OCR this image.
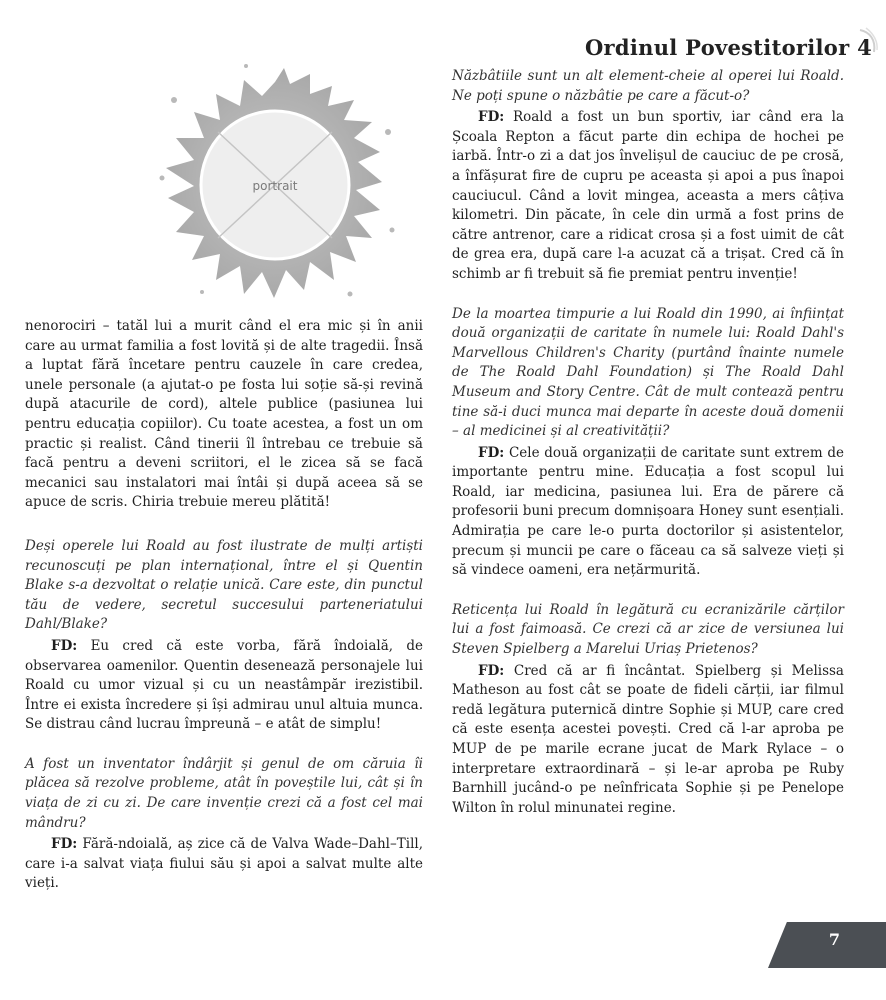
Ordinul Povestitorilor 4
portrait

nenorociri – tatăl lui a murit când el era mic și în anii care au urmat familia a fost lovită și de alte tragedii. Însă a luptat fără încetare pentru cauzele în care credea, unele personale (a ajutat-o pe fosta lui soție să-și revină după atacurile de cord), altele publice (pasiunea lui pentru educația copiilor). Cu toate acestea, a fost un om practic și realist. Când tinerii îl întrebau ce trebuie să facă pentru a deveni scriitori, el le zicea să se facă mecanici sau instalatori mai întâi și după aceea să se apuce de scris. Chiria trebuie mereu plătită!

Deși operele lui Roald au fost ilustrate de mulți artiști recunoscuți pe plan internațional, între el și Quentin Blake s-a dezvoltat o relație unică. Care este, din punctul tău de vedere, secretul succesului parteneriatului Dahl/Blake?

FD: Eu cred că este vorba, fără îndoială, de observarea oamenilor. Quentin desenează personajele lui Roald cu umor vizual și cu un neastâmpăr irezistibil. Între ei exista încredere și își admirau unul altuia munca. Se distrau când lucrau împreună – e atât de simplu!

A fost un inventator îndârjit și genul de om căruia îi plăcea să rezolve probleme, atât în poveștile lui, cât și în viața de zi cu zi. De care invenție crezi că a fost cel mai mândru?

FD: Fără-ndoială, aș zice că de Valva Wade–Dahl–Till, care i-a salvat viața fiului său și apoi a salvat multe alte vieți.

Năzbâtiile sunt un alt element-cheie al operei lui Roald. Ne poți spune o năzbâtie pe care a făcut-o?

FD: Roald a fost un bun sportiv, iar când era la Școala Repton a făcut parte din echipa de hochei pe iarbă. Într-o zi a dat jos învelișul de cauciuc de pe crosă, a înfășurat fire de cupru pe aceasta și apoi a pus înapoi cauciucul. Când a lovit mingea, aceasta a mers câțiva kilometri. Din păcate, în cele din urmă a fost prins de către antrenor, care a ridicat crosa și a fost uimit de cât de grea era, după care l-a acuzat că a trișat. Cred că în schimb ar fi trebuit să fie premiat pentru invenție!

De la moartea timpurie a lui Roald din 1990, ai înființat două organizații de caritate în numele lui: Roald Dahl's Marvellous Children's Charity (purtând înainte numele de The Roald Dahl Foundation) și The Roald Dahl Museum and Story Centre. Cât de mult contează pentru tine să-i duci munca mai departe în aceste două domenii – al medicinei și al creativității?

FD: Cele două organizații de caritate sunt extrem de importante pentru mine. Educația a fost scopul lui Roald, iar medicina, pasiunea lui. Era de părere că profesorii buni precum domnișoara Honey sunt esențiali. Admirația pe care le-o purta doctorilor și asistentelor, precum și muncii pe care o făceau ca să salveze vieți și să vindece oameni, era nețărmurită.

Reticența lui Roald în legătură cu ecranizările cărților lui a fost faimoasă. Ce crezi că ar zice de versiunea lui Steven Spielberg a Marelui Uriaș Prietenos?

FD: Cred că ar fi încântat. Spielberg și Melissa Matheson au fost cât se poate de fideli cărții, iar filmul redă legătura puternică dintre Sophie și MUP, care cred că este esența acestei povești. Cred că l-ar aproba pe MUP de pe marile ecrane jucat de Mark Rylace – o interpretare extraordinară – și le-ar aproba pe Ruby Barnhill jucând-o pe neînfricata Sophie și pe Penelope Wilton în rolul minunatei regine.

7
